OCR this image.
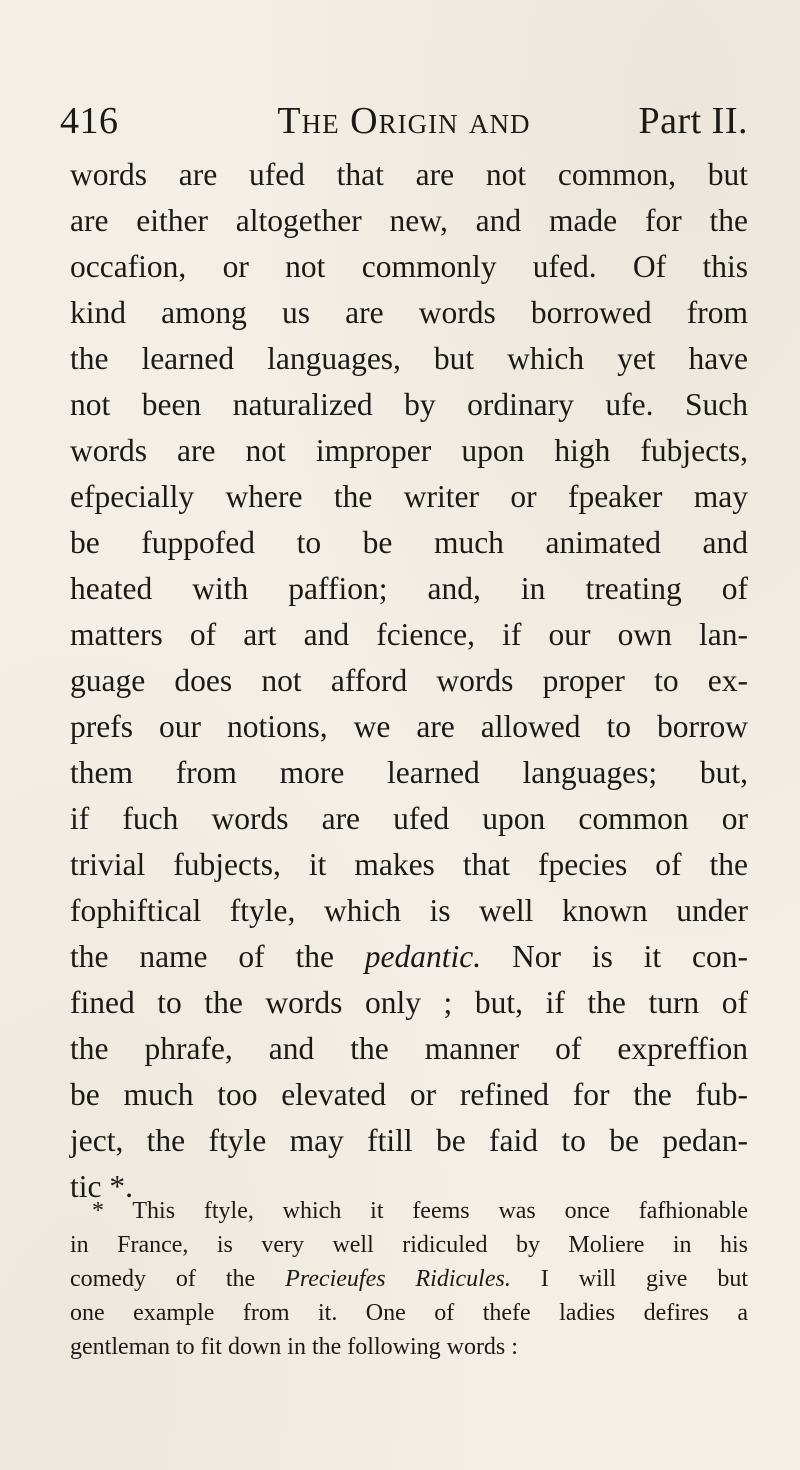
416	The Origin and	Part II.
words are ufed that are not common, but
are either altogether new, and made for the
occafion, or not commonly ufed. Of this
kind among us are words borrowed from
the learned languages, but which yet have
not been naturalized by ordinary ufe. Such
words are not improper upon high fubjects,
efpecially where the writer or fpeaker may
be fuppofed to be much animated and
heated with paffion; and, in treating of
matters of art and fcience, if our own lan-
guage does not afford words proper to ex-
prefs our notions, we are allowed to borrow
them from more learned languages; but,
if fuch words are ufed upon common or
trivial fubjects, it makes that fpecies of the
fophiftical ftyle, which is well known under
the name of the pedantic. Nor is it con-
fined to the words only ; but, if the turn of
the phrafe, and the manner of expreffion
be much too elevated or refined for the fub-
ject, the ftyle may ftill be faid to be pedan-
tic *.
* This ftyle, which it feems was once fafhionable
in France, is very well ridiculed by Moliere in his
comedy of the Precieufes Ridicules. I will give but
one example from it. One of thefe ladies defires a
gentleman to fit down in the following words :
